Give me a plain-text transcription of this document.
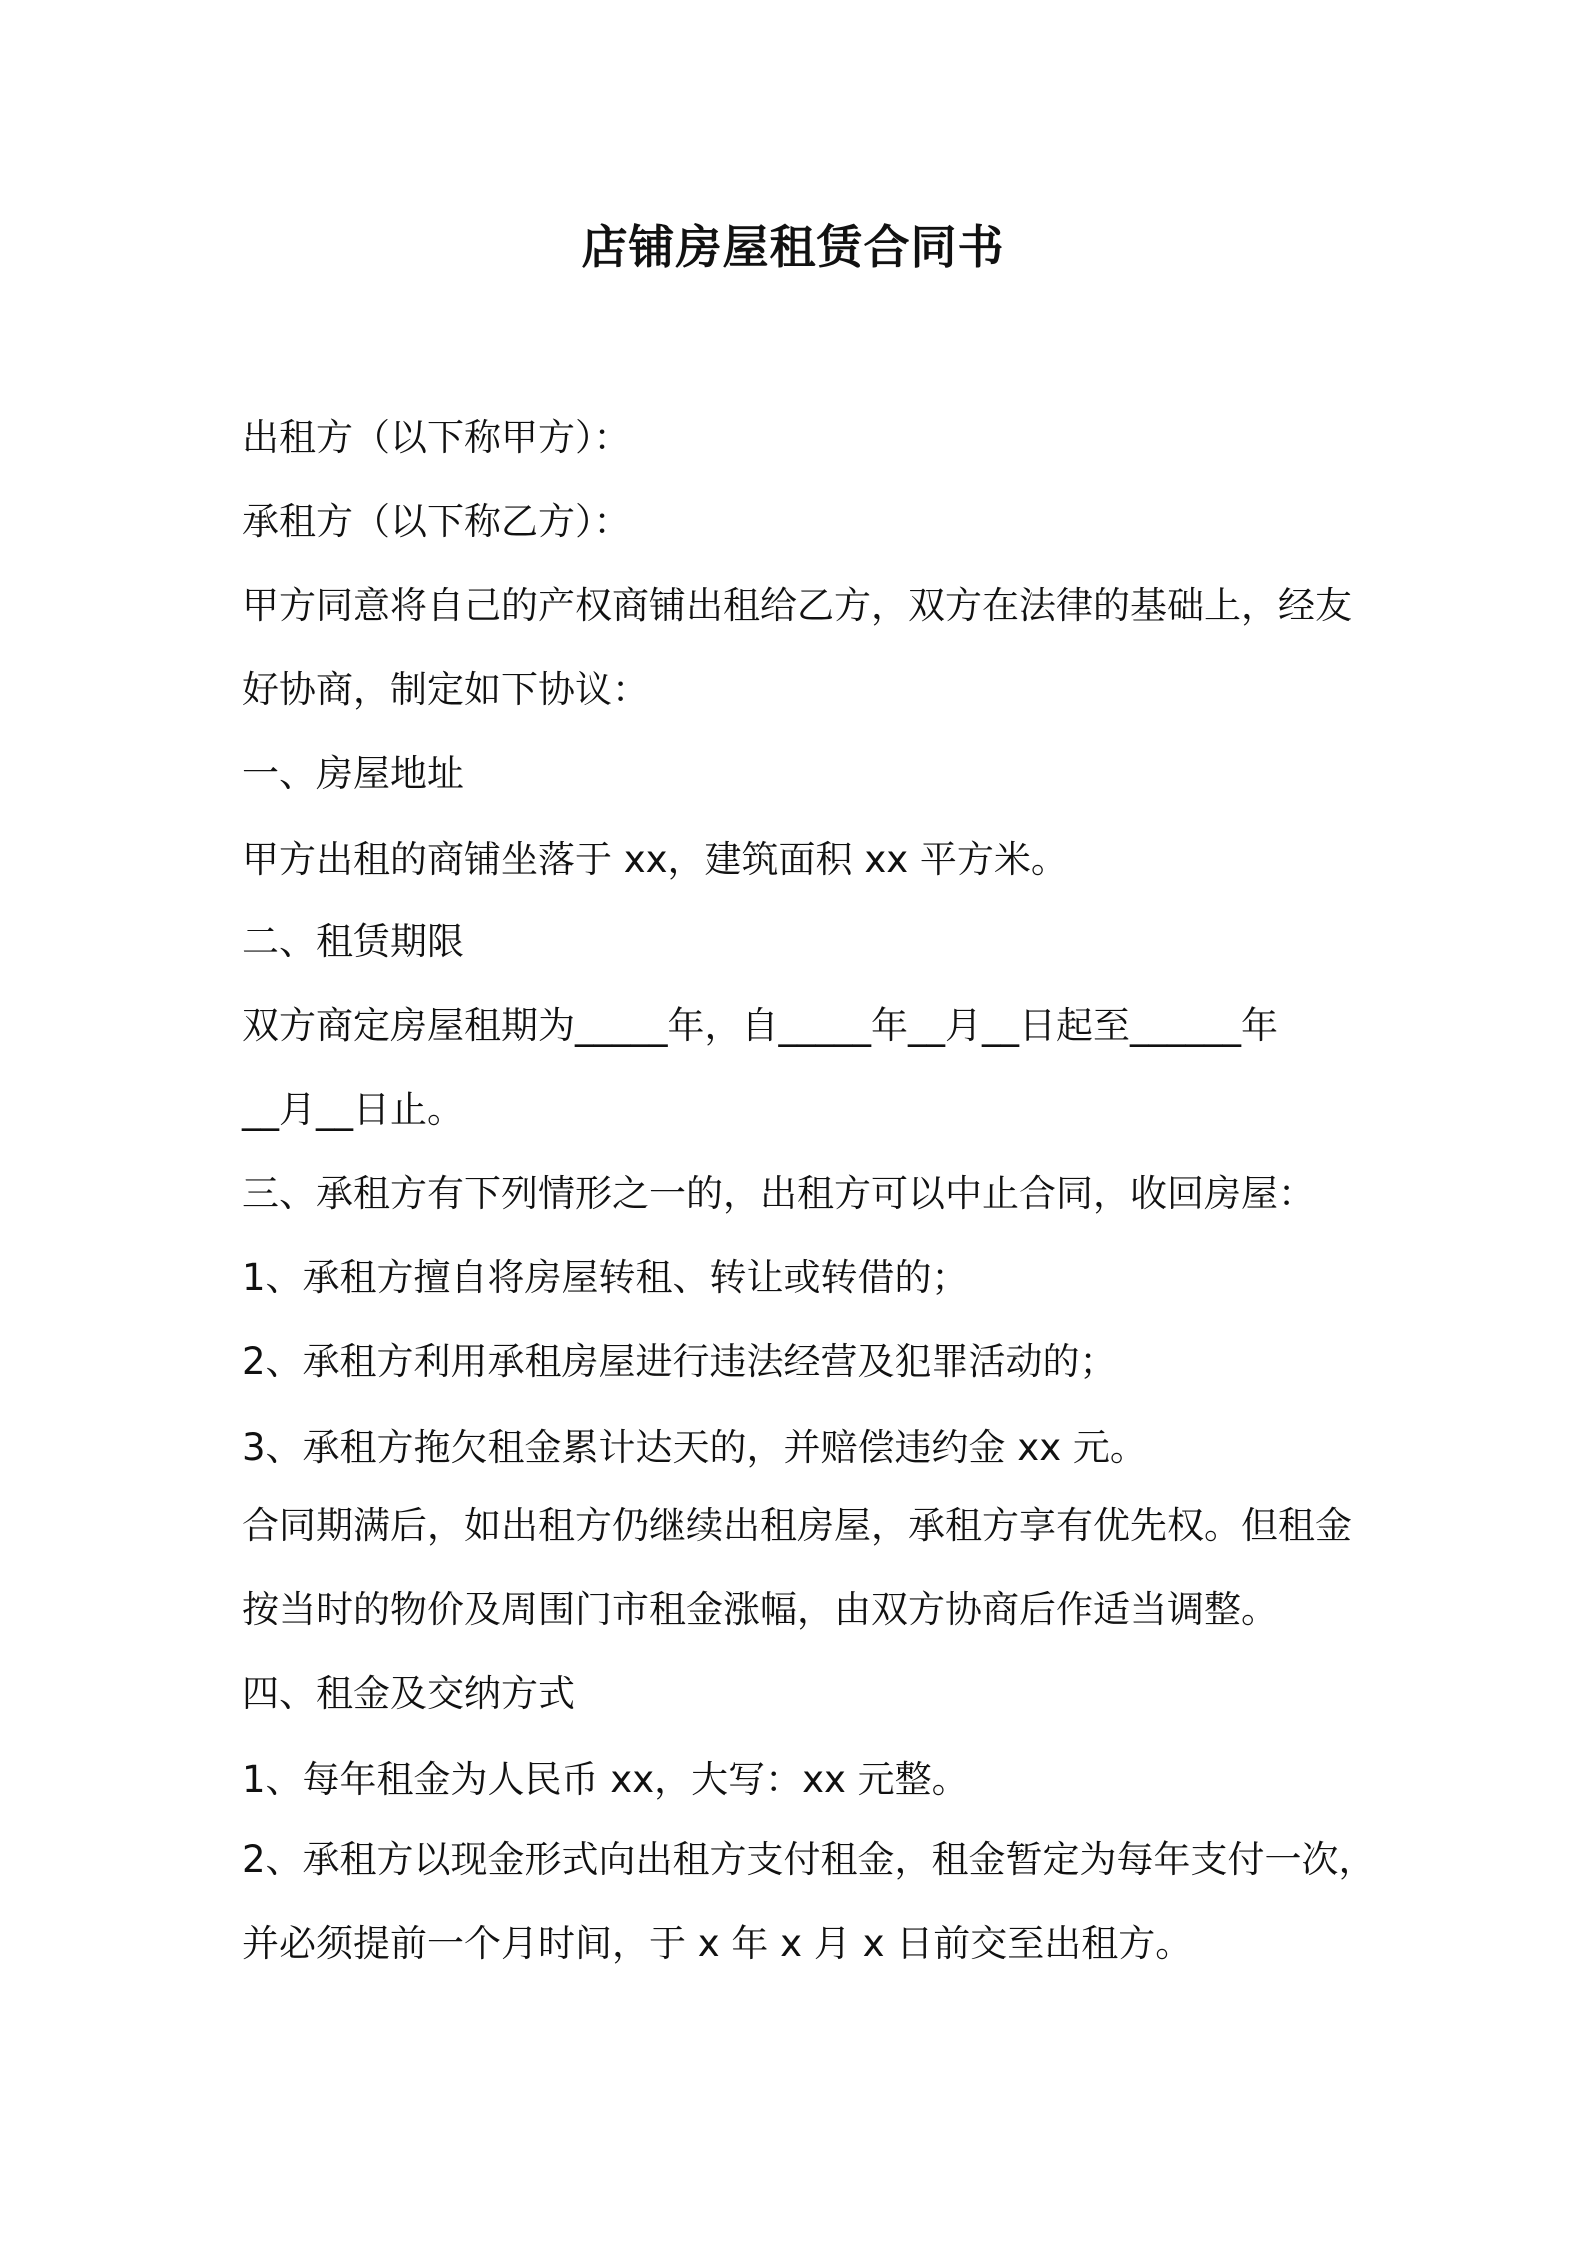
店铺房屋租赁合同书

出租方（以下称甲方）：

承租方（以下称乙方）：

甲方同意将自己的产权商铺出租给乙方，双方在法律的基础上，经友

好协商，制定如下协议：

一、房屋地址

甲方出租的商铺坐落于 xx，建筑面积 xx 平方米。

二、租赁期限

双方商定房屋租期为_____年，自_____年__月__日起至______年

__月__日止。

三、承租方有下列情形之一的，出租方可以中止合同，收回房屋：

1、承租方擅自将房屋转租、转让或转借的；

2、承租方利用承租房屋进行违法经营及犯罪活动的；

3、承租方拖欠租金累计达天的，并赔偿违约金 xx 元。

合同期满后，如出租方仍继续出租房屋，承租方享有优先权。但租金

按当时的物价及周围门市租金涨幅，由双方协商后作适当调整。

四、租金及交纳方式

1、每年租金为人民币 xx，大写：xx 元整。

2、承租方以现金形式向出租方支付租金，租金暂定为每年支付一次，

并必须提前一个月时间，于 x 年 x 月 x 日前交至出租方。
